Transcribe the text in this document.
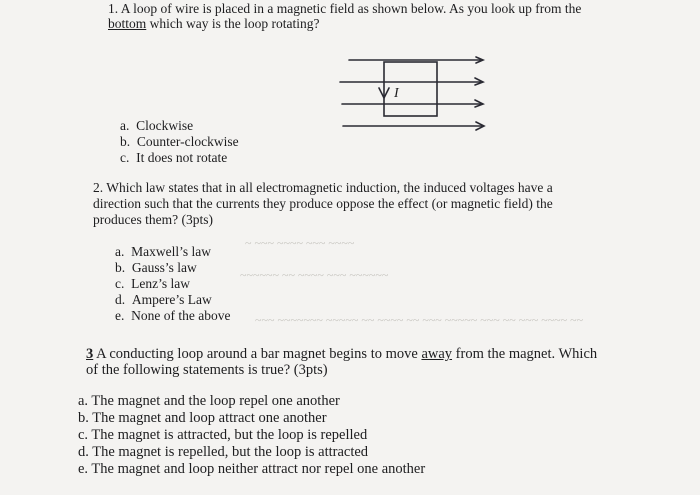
~ ~~~ ~~~~ ~~~ ~~~~
~~~~~~ ~~ ~~~~ ~~~ ~~~~~~
~~~ ~~~~~~~ ~~~~~ ~~ ~~~~ ~~ ~~~ ~~~~~ ~~~ ~~ ~~~ ~~~~ ~~
1. A loop of wire is placed in a magnetic field as shown below. As you look up from the
bottom which way is the loop rotating?
I
a. Clockwise
b. Counter-clockwise
c. It does not rotate
2. Which law states that in all electromagnetic induction, the induced voltages have a
direction such that the currents they produce oppose the effect (or magnetic field) the
produces them? (3pts)
a. Maxwell’s law
b. Gauss’s law
c. Lenz’s law
d. Ampere’s Law
e. None of the above
3 A conducting loop around a bar magnet begins to move away from the magnet. Which
of the following statements is true? (3pts)
a. The magnet and the loop repel one another
b. The magnet and loop attract one another
c. The magnet is attracted, but the loop is repelled
d. The magnet is repelled, but the loop is attracted
e. The magnet and loop neither attract nor repel one another
